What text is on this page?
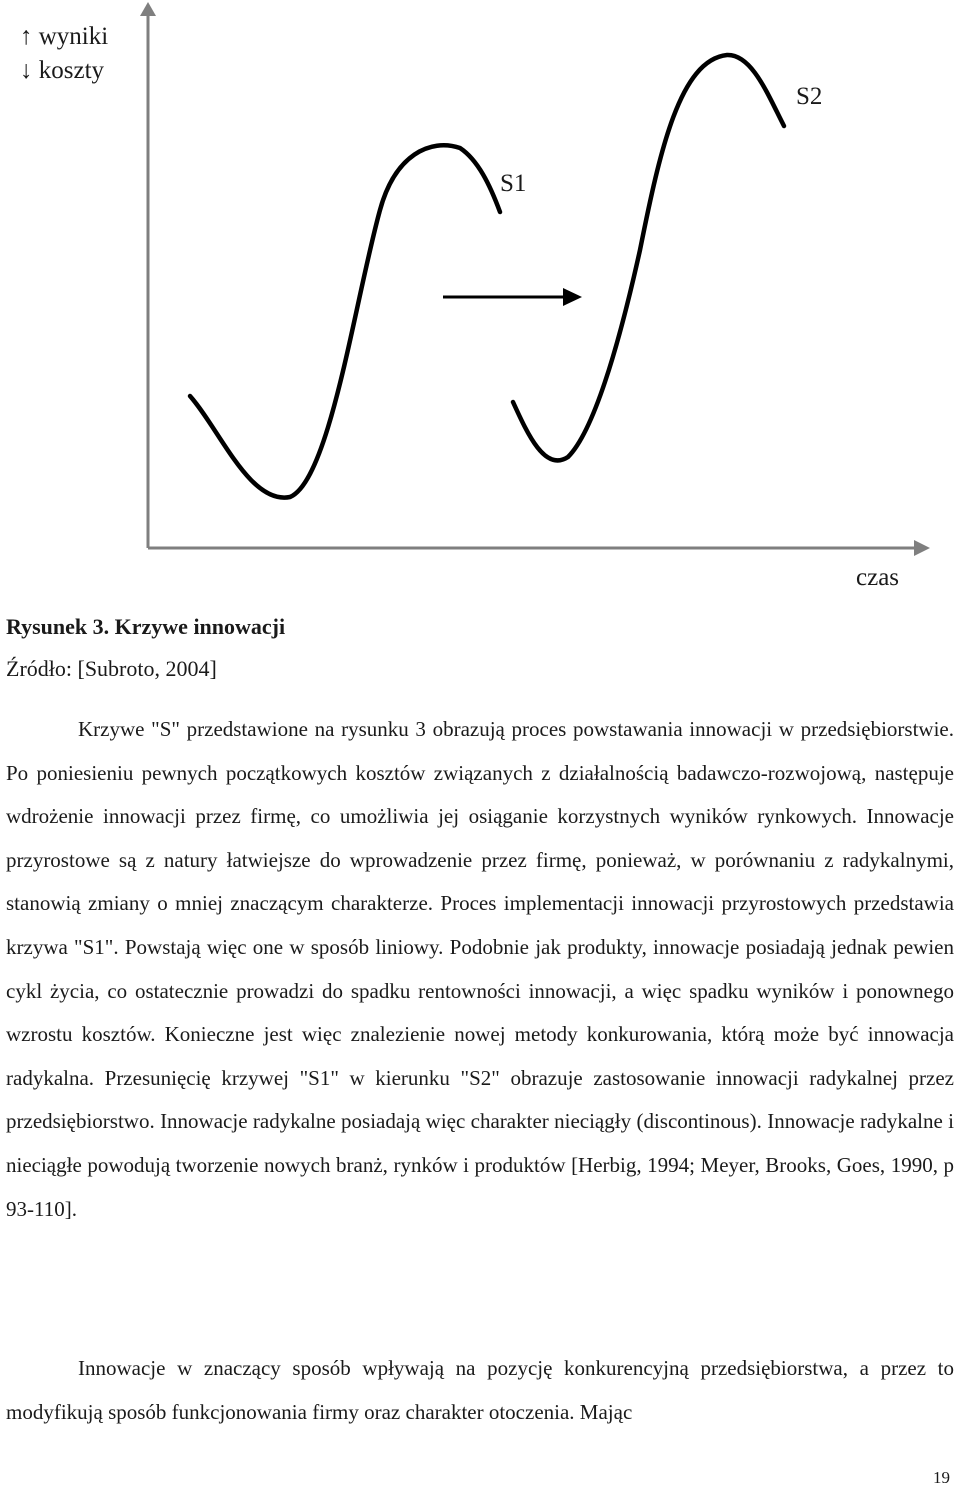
↑ wyniki
↓ koszty
S1
S2
czas
Rysunek 3. Krzywe innowacji
Źródło: [Subroto, 2004]

Krzywe "S" przedstawione na rysunku 3 obrazują proces powstawania innowacji w przedsiębiorstwie. Po poniesieniu pewnych początkowych kosztów związanych z działalnością badawczo-rozwojową, następuje wdrożenie innowacji przez firmę, co umożliwia jej osiąganie korzystnych wyników rynkowych. Innowacje przyrostowe są z natury łatwiejsze do wprowadzenie przez firmę, ponieważ, w porównaniu z radykalnymi, stanowią zmiany o mniej znaczącym charakterze. Proces implementacji innowacji przyrostowych przedstawia krzywa "S1". Powstają więc one w sposób liniowy. Podobnie jak produkty, innowacje posiadają jednak pewien cykl życia, co ostatecznie prowadzi do spadku rentowności innowacji, a więc spadku wyników i ponownego wzrostu kosztów. Konieczne jest więc znalezienie nowej metody konkurowania, którą może być innowacja radykalna. Przesunięcię krzywej "S1" w kierunku "S2" obrazuje zastosowanie innowacji radykalnej przez przedsiębiorstwo. Innowacje radykalne posiadają więc charakter nieciągły (discontinous). Innowacje radykalne i nieciągłe powodują tworzenie nowych branż, rynków i produktów [Herbig, 1994; Meyer, Brooks, Goes, 1990, p 93-110].

Innowacje w znaczący sposób wpływają na pozycję konkurencyjną przedsiębiorstwa, a przez to modyfikują sposób funkcjonowania firmy oraz charakter otoczenia. Mając

19
